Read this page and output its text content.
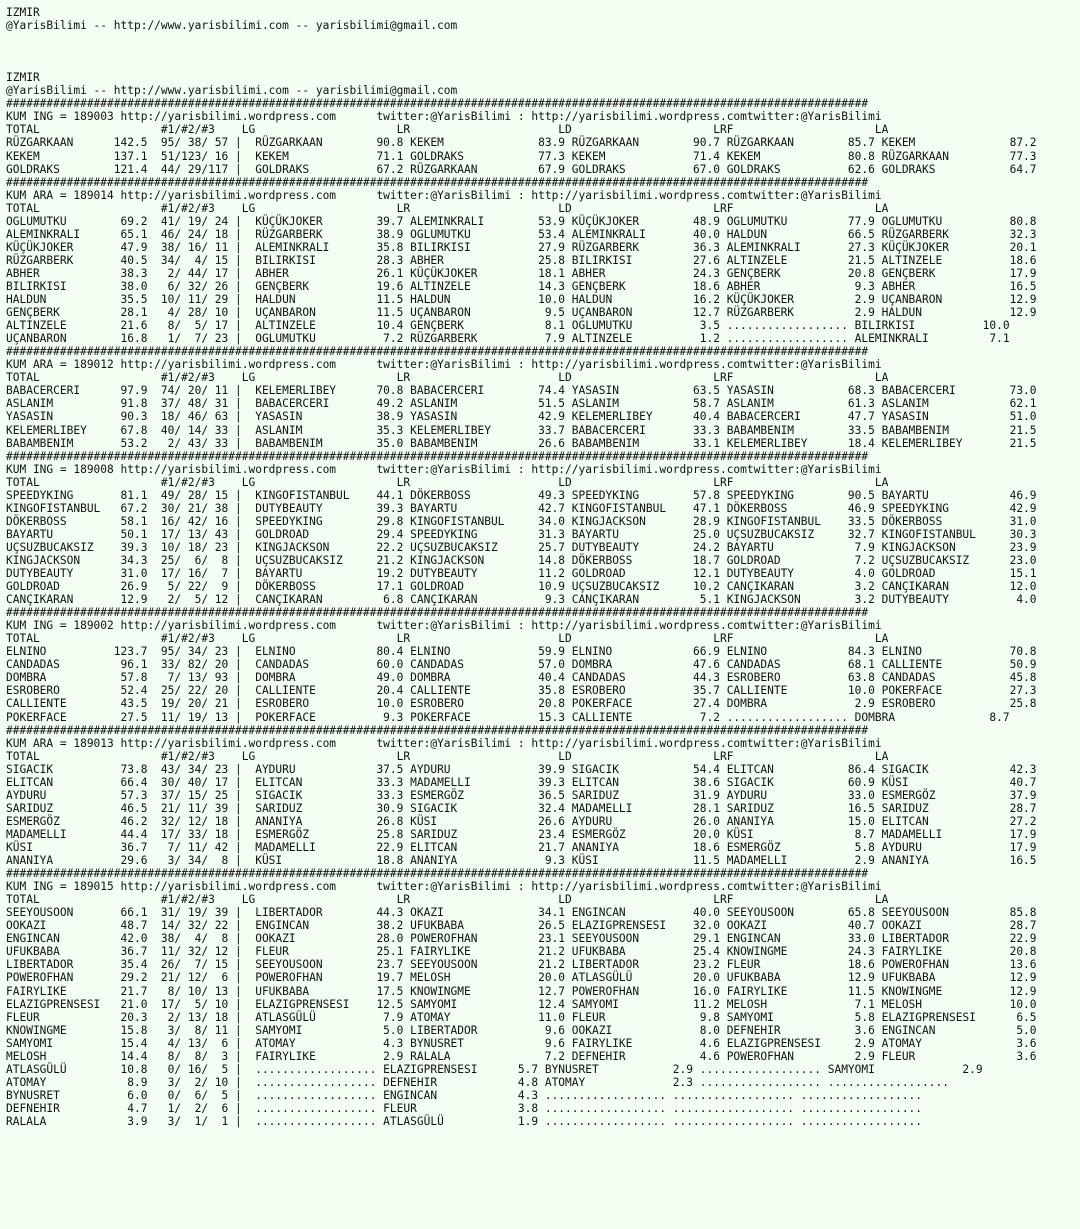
IZMIR
@YarisBilimi -- http://www.yarisbilimi.com -- yarisbilimi@gmail.com
IZMIR
@YarisBilimi -- http://www.yarisbilimi.com -- yarisbilimi@gmail.com
################################################################################################################################
KUM ING = 189003 http://yarisbilimi.wordpress.com      twitter:@YarisBilimi : http://yarisbilimi.wordpress.comtwitter:@YarisBilimi
TOTAL                  #1/#2/#3    LG                     LR                      LD                     LRF                     LA
RÜZGARKAAN      142.5  95/ 38/ 57 |  RÜZGARKAAN        90.8 KEKEM              83.9 RÜZGARKAAN        90.7 RÜZGARKAAN        85.7 KEKEM              87.2
KEKEM           137.1  51/123/ 16 |  KEKEM             71.1 GOLDRAKS           77.3 KEKEM             71.4 KEKEM             80.8 RÜZGARKAAN         77.3
GOLDRAKS        121.4  44/ 29/117 |  GOLDRAKS          67.2 RÜZGARKAAN         67.9 GOLDRAKS          67.0 GOLDRAKS          62.6 GOLDRAKS           64.7
################################################################################################################################
KUM ARA = 189014 http://yarisbilimi.wordpress.com      twitter:@YarisBilimi : http://yarisbilimi.wordpress.comtwitter:@YarisBilimi
TOTAL                  #1/#2/#3    LG                     LR                      LD                     LRF                     LA
OGLUMUTKU        69.2  41/ 19/ 24 |  KÜÇÜKJOKER        39.7 ALEMINKRALI        53.9 KÜÇÜKJOKER        48.9 OGLUMUTKU         77.9 OGLUMUTKU          80.8
ALEMINKRALI      65.1  46/ 24/ 18 |  RÜZGARBERK        38.9 OGLUMUTKU          53.4 ALEMINKRALI       40.0 HALDUN            66.5 RÜZGARBERK         32.3
KÜÇÜKJOKER       47.9  38/ 16/ 11 |  ALEMINKRALI       35.8 BILIRKISI          27.9 RÜZGARBERK        36.3 ALEMINKRALI       27.3 KÜÇÜKJOKER         20.1
RÜZGARBERK       40.5  34/  4/ 15 |  BILIRKISI         28.3 ABHER              25.8 BILIRKISI         27.6 ALTINZELE         21.5 ALTINZELE          18.6
ABHER            38.3   2/ 44/ 17 |  ABHER             26.1 KÜÇÜKJOKER         18.1 ABHER             24.3 GENÇBERK          20.8 GENÇBERK           17.9
BILIRKISI        38.0   6/ 32/ 26 |  GENÇBERK          19.6 ALTINZELE          14.3 GENÇBERK          18.6 ABHER              9.3 ABHER              16.5
HALDUN           35.5  10/ 11/ 29 |  HALDUN            11.5 HALDUN             10.0 HALDUN            16.2 KÜÇÜKJOKER         2.9 UÇANBARON          12.9
GENÇBERK         28.1   4/ 28/ 10 |  UÇANBARON         11.5 UÇANBARON           9.5 UÇANBARON         12.7 RÜZGARBERK         2.9 HALDUN             12.9
ALTINZELE        21.6   8/  5/ 17 |  ALTINZELE         10.4 GENÇBERK            8.1 OGLUMUTKU          3.5 .................. BILIRKISI          10.0
UÇANBARON        16.8   1/  7/ 23 |  OGLUMUTKU          7.2 RÜZGARBERK          7.9 ALTINZELE          1.2 .................. ALEMINKRALI         7.1
################################################################################################################################
KUM ARA = 189012 http://yarisbilimi.wordpress.com      twitter:@YarisBilimi : http://yarisbilimi.wordpress.comtwitter:@YarisBilimi
TOTAL                  #1/#2/#3    LG                     LR                      LD                     LRF                     LA
BABACERCERI      97.9  74/ 20/ 11 |  KELEMERLIBEY      70.8 BABACERCERI        74.4 YASASIN           63.5 YASASIN           68.3 BABACERCERI        73.0
ASLANIM          91.8  37/ 48/ 31 |  BABACERCERI       49.2 ASLANIM            51.5 ASLANIM           58.7 ASLANIM           61.3 ASLANIM            62.1
YASASIN          90.3  18/ 46/ 63 |  YASASIN           38.9 YASASIN            42.9 KELEMERLIBEY      40.4 BABACERCERI       47.7 YASASIN            51.0
KELEMERLIBEY     67.8  40/ 14/ 33 |  ASLANIM           35.3 KELEMERLIBEY       33.7 BABACERCERI       33.3 BABAMBENIM        33.5 BABAMBENIM         21.5
BABAMBENIM       53.2   2/ 43/ 33 |  BABAMBENIM        35.0 BABAMBENIM         26.6 BABAMBENIM        33.1 KELEMERLIBEY      18.4 KELEMERLIBEY       21.5
################################################################################################################################
KUM ING = 189008 http://yarisbilimi.wordpress.com      twitter:@YarisBilimi : http://yarisbilimi.wordpress.comtwitter:@YarisBilimi
TOTAL                  #1/#2/#3    LG                     LR                      LD                     LRF                     LA
SPEEDYKING       81.1  49/ 28/ 15 |  KINGOFISTANBUL    44.1 DÖKERBOSS          49.3 SPEEDYKING        57.8 SPEEDYKING        90.5 BAYARTU            46.9
KINGOFISTANBUL   67.2  30/ 21/ 38 |  DUTYBEAUTY        39.3 BAYARTU            42.7 KINGOFISTANBUL    47.1 DÖKERBOSS         46.9 SPEEDYKING         42.9
DÖKERBOSS        58.1  16/ 42/ 16 |  SPEEDYKING        29.8 KINGOFISTANBUL     34.0 KINGJACKSON       28.9 KINGOFISTANBUL    33.5 DÖKERBOSS          31.0
BAYARTU          50.1  17/ 13/ 43 |  GOLDROAD          29.4 SPEEDYKING         31.3 BAYARTU           25.0 UÇSUZBUCAKSIZ     32.7 KINGOFISTANBUL     30.3
UÇSUZBUCAKSIZ    39.3  10/ 18/ 23 |  KINGJACKSON       22.2 UÇSUZBUCAKSIZ      25.7 DUTYBEAUTY        24.2 BAYARTU            7.9 KINGJACKSON        23.9
KINGJACKSON      34.3  25/  6/  8 |  UÇSUZBUCAKSIZ     21.2 KINGJACKSON        14.8 DÖKERBOSS         18.7 GOLDROAD           7.2 UÇSUZBUCAKSIZ      23.0
DUTYBEAUTY       31.0  17/ 16/  7 |  BAYARTU           19.2 DUTYBEAUTY         11.2 GOLDROAD          12.1 DUTYBEAUTY         4.0 GOLDROAD           15.1
GOLDROAD         26.9   5/ 22/  9 |  DÖKERBOSS         17.1 GOLDROAD           10.9 UÇSUZBUCAKSIZ     10.2 CANÇIKARAN         3.2 CANÇIKARAN         12.0
CANÇIKARAN       12.9   2/  5/ 12 |  CANÇIKARAN         6.8 CANÇIKARAN          9.3 CANÇIKARAN         5.1 KINGJACKSON        3.2 DUTYBEAUTY          4.0
################################################################################################################################
KUM ING = 189002 http://yarisbilimi.wordpress.com      twitter:@YarisBilimi : http://yarisbilimi.wordpress.comtwitter:@YarisBilimi
TOTAL                  #1/#2/#3    LG                     LR                      LD                     LRF                     LA
ELNINO          123.7  95/ 34/ 23 |  ELNINO            80.4 ELNINO             59.9 ELNINO            66.9 ELNINO            84.3 ELNINO             70.8
CANDADAS         96.1  33/ 82/ 20 |  CANDADAS          60.0 CANDADAS           57.0 DOMBRA            47.6 CANDADAS          68.1 CALLIENTE          50.9
DOMBRA           57.8   7/ 13/ 93 |  DOMBRA            49.0 DOMBRA             40.4 CANDADAS          44.3 ESROBERO          63.8 CANDADAS           45.8
ESROBERO         52.4  25/ 22/ 20 |  CALLIENTE         20.4 CALLIENTE          35.8 ESROBERO          35.7 CALLIENTE         10.0 POKERFACE          27.3
CALLIENTE        43.5  19/ 20/ 21 |  ESROBERO          10.0 ESROBERO           20.8 POKERFACE         27.4 DOMBRA             2.9 ESROBERO           25.8
POKERFACE        27.5  11/ 19/ 13 |  POKERFACE          9.3 POKERFACE          15.3 CALLIENTE          7.2 .................. DOMBRA              8.7
################################################################################################################################
KUM ARA = 189013 http://yarisbilimi.wordpress.com      twitter:@YarisBilimi : http://yarisbilimi.wordpress.comtwitter:@YarisBilimi
TOTAL                  #1/#2/#3    LG                     LR                      LD                     LRF                     LA
SIGACIK          73.8  43/ 34/ 23 |  AYDURU            37.5 AYDURU             39.9 SIGACIK           54.4 ELITCAN           86.4 SIGACIK            42.3
ELITCAN          66.4  30/ 40/ 17 |  ELITCAN           33.3 MADAMELLI          39.3 ELITCAN           38.6 SIGACIK           60.9 KÜSI               40.7
AYDURU           57.3  37/ 15/ 25 |  SIGACIK           33.3 ESMERGÖZ           36.5 SARIDUZ           31.9 AYDURU            33.0 ESMERGÖZ           37.9
SARIDUZ          46.5  21/ 11/ 39 |  SARIDUZ           30.9 SIGACIK            32.4 MADAMELLI         28.1 SARIDUZ           16.5 SARIDUZ            28.7
ESMERGÖZ         46.2  32/ 12/ 18 |  ANANIYA           26.8 KÜSI               26.6 AYDURU            26.0 ANANIYA           15.0 ELITCAN            27.2
MADAMELLI        44.4  17/ 33/ 18 |  ESMERGÖZ          25.8 SARIDUZ            23.4 ESMERGÖZ          20.0 KÜSI               8.7 MADAMELLI          17.9
KÜSI             36.7   7/ 11/ 42 |  MADAMELLI         22.9 ELITCAN            21.7 ANANIYA           18.6 ESMERGÖZ           5.8 AYDURU             17.9
ANANIYA          29.6   3/ 34/  8 |  KÜSI              18.8 ANANIYA             9.3 KÜSI              11.5 MADAMELLI          2.9 ANANIYA            16.5
################################################################################################################################
KUM ING = 189015 http://yarisbilimi.wordpress.com      twitter:@YarisBilimi : http://yarisbilimi.wordpress.comtwitter:@YarisBilimi
TOTAL                  #1/#2/#3    LG                     LR                      LD                     LRF                     LA
SEEYOUSOON       66.1  31/ 19/ 39 |  LIBERTADOR        44.3 OKAZI              34.1 ENGINCAN          40.0 SEEYOUSOON        65.8 SEEYOUSOON         85.8
OOKAZI           48.7  14/ 32/ 22 |  ENGINCAN          38.2 UFUKBABA           26.5 ELAZIGPRENSESI    32.0 OOKAZI            40.7 OOKAZI             28.7
ENGINCAN         42.0  38/  4/  8 |  OOKAZI            28.0 POWEROFHAN         23.1 SEEYOUSOON        29.1 ENGINCAN          33.0 LIBERTADOR         22.9
UFUKBABA         36.7  11/ 32/ 12 |  FLEUR             25.1 FAIRYLIKE          21.2 UFUKBABA          25.4 KNOWINGME         24.3 FAIRYLIKE          20.8
LIBERTADOR       35.4  26/  7/ 15 |  SEEYOUSOON        23.7 SEEYOUSOON         21.2 LIBERTADOR        23.2 FLEUR             18.6 POWEROFHAN         13.6
POWEROFHAN       29.2  21/ 12/  6 |  POWEROFHAN        19.7 MELOSH             20.0 ATLASGÜLÜ         20.0 UFUKBABA          12.9 UFUKBABA           12.9
FAIRYLIKE        21.7   8/ 10/ 13 |  UFUKBABA          17.5 KNOWINGME          12.7 POWEROFHAN        16.0 FAIRYLIKE         11.5 KNOWINGME          12.9
ELAZIGPRENSESI   21.0  17/  5/ 10 |  ELAZIGPRENSESI    12.5 SAMYOMI            12.4 SAMYOMI           11.2 MELOSH             7.1 MELOSH             10.0
FLEUR            20.3   2/ 13/ 18 |  ATLASGÜLÜ          7.9 ATOMAY             11.0 FLEUR              9.8 SAMYOMI            5.8 ELAZIGPRENSESI      6.5
KNOWINGME        15.8   3/  8/ 11 |  SAMYOMI            5.0 LIBERTADOR          9.6 OOKAZI             8.0 DEFNEHIR           3.6 ENGINCAN            5.0
SAMYOMI          15.4   4/ 13/  6 |  ATOMAY             4.3 BYNUSRET            9.6 FAIRYLIKE          4.6 ELAZIGPRENSESI     2.9 ATOMAY              3.6
MELOSH           14.4   8/  8/  3 |  FAIRYLIKE          2.9 RALALA              7.2 DEFNEHIR           4.6 POWEROFHAN         2.9 FLEUR               3.6
ATLASGÜLÜ        10.8   0/ 16/  5 |  .................. ELAZIGPRENSESI      5.7 BYNUSRET           2.9 .................. SAMYOMI             2.9
ATOMAY            8.9   3/  2/ 10 |  .................. DEFNEHIR            4.8 ATOMAY             2.3 .................. ..................
BYNUSRET          6.0   0/  6/  5 |  .................. ENGINCAN            4.3 .................. .................. ..................
DEFNEHIR          4.7   1/  2/  6 |  .................. FLEUR               3.8 .................. .................. ..................
RALALA            3.9   3/  1/  1 |  .................. ATLASGÜLÜ           1.9 .................. .................. ..................
